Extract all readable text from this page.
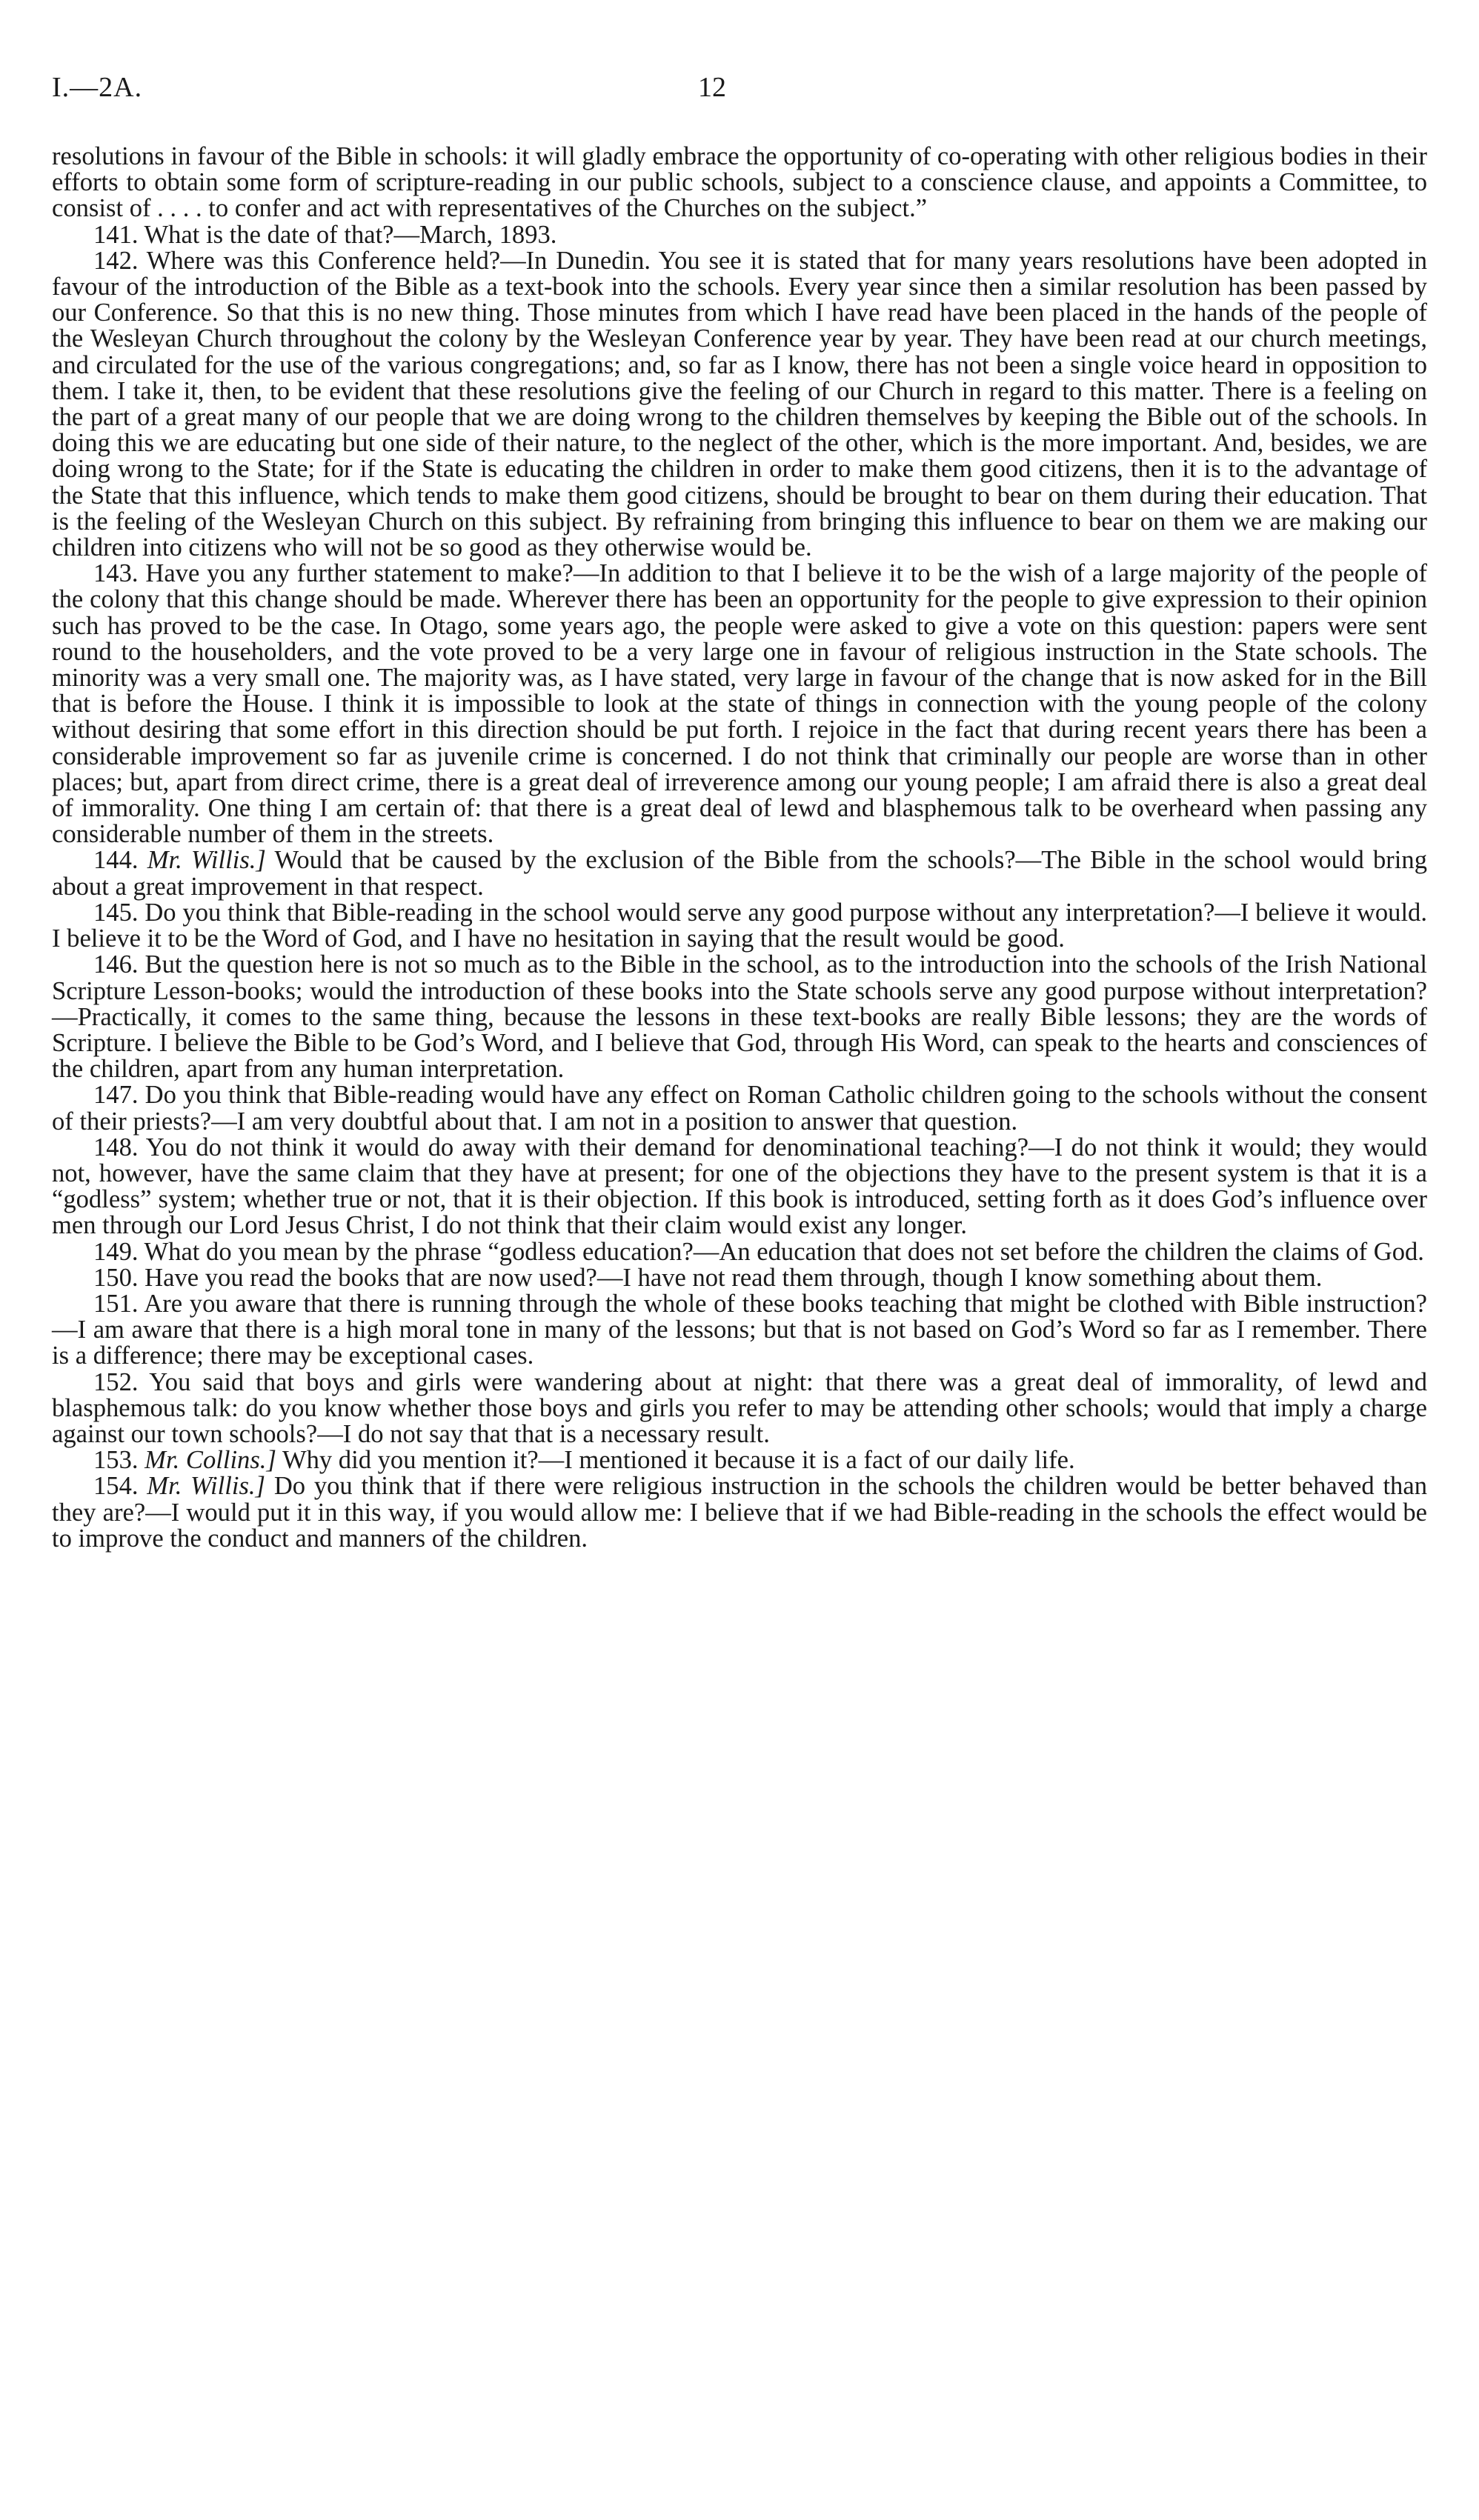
I.—2A.	12

resolutions in favour of the Bible in schools: it will gladly embrace the opportunity of co-operating with other religious bodies in their efforts to obtain some form of scripture-reading in our public schools, subject to a conscience clause, and appoints a Committee, to consist of . . . . to confer and act with representatives of the Churches on the subject.”

141. What is the date of that?—March, 1893.

142. Where was this Conference held?—In Dunedin. You see it is stated that for many years resolutions have been adopted in favour of the introduction of the Bible as a text-book into the schools. Every year since then a similar resolution has been passed by our Conference. So that this is no new thing. Those minutes from which I have read have been placed in the hands of the people of the Wesleyan Church throughout the colony by the Wesleyan Conference year by year. They have been read at our church meetings, and circulated for the use of the various congregations; and, so far as I know, there has not been a single voice heard in opposition to them. I take it, then, to be evident that these resolutions give the feeling of our Church in regard to this matter. There is a feeling on the part of a great many of our people that we are doing wrong to the children themselves by keeping the Bible out of the schools. In doing this we are educating but one side of their nature, to the neglect of the other, which is the more important. And, besides, we are doing wrong to the State; for if the State is educating the children in order to make them good citizens, then it is to the advantage of the State that this influence, which tends to make them good citizens, should be brought to bear on them during their education. That is the feeling of the Wesleyan Church on this subject. By refraining from bringing this influence to bear on them we are making our children into citizens who will not be so good as they otherwise would be.

143. Have you any further statement to make?—In addition to that I believe it to be the wish of a large majority of the people of the colony that this change should be made. Wherever there has been an opportunity for the people to give expression to their opinion such has proved to be the case. In Otago, some years ago, the people were asked to give a vote on this question: papers were sent round to the householders, and the vote proved to be a very large one in favour of religious instruction in the State schools. The minority was a very small one. The majority was, as I have stated, very large in favour of the change that is now asked for in the Bill that is before the House. I think it is impossible to look at the state of things in connection with the young people of the colony without desiring that some effort in this direction should be put forth. I rejoice in the fact that during recent years there has been a considerable improvement so far as juvenile crime is concerned. I do not think that criminally our people are worse than in other places; but, apart from direct crime, there is a great deal of irreverence among our young people; I am afraid there is also a great deal of immorality. One thing I am certain of: that there is a great deal of lewd and blasphemous talk to be overheard when passing any considerable number of them in the streets.

144. Mr. Willis.] Would that be caused by the exclusion of the Bible from the schools?—The Bible in the school would bring about a great improvement in that respect.

145. Do you think that Bible-reading in the school would serve any good purpose without any interpretation?—I believe it would. I believe it to be the Word of God, and I have no hesitation in saying that the result would be good.

146. But the question here is not so much as to the Bible in the school, as to the introduction into the schools of the Irish National Scripture Lesson-books; would the introduction of these books into the State schools serve any good purpose without interpretation?—Practically, it comes to the same thing, because the lessons in these text-books are really Bible lessons; they are the words of Scripture. I believe the Bible to be God’s Word, and I believe that God, through His Word, can speak to the hearts and consciences of the children, apart from any human interpretation.

147. Do you think that Bible-reading would have any effect on Roman Catholic children going to the schools without the consent of their priests?—I am very doubtful about that. I am not in a position to answer that question.

148. You do not think it would do away with their demand for denominational teaching?—I do not think it would; they would not, however, have the same claim that they have at present; for one of the objections they have to the present system is that it is a “godless” system; whether true or not, that it is their objection. If this book is introduced, setting forth as it does God’s influence over men through our Lord Jesus Christ, I do not think that their claim would exist any longer.

149. What do you mean by the phrase “godless education?—An education that does not set before the children the claims of God.

150. Have you read the books that are now used?—I have not read them through, though I know something about them.

151. Are you aware that there is running through the whole of these books teaching that might be clothed with Bible instruction?—I am aware that there is a high moral tone in many of the lessons; but that is not based on God’s Word so far as I remember. There is a difference; there may be exceptional cases.

152. You said that boys and girls were wandering about at night: that there was a great deal of immorality, of lewd and blasphemous talk: do you know whether those boys and girls you refer to may be attending other schools; would that imply a charge against our town schools?—I do not say that that is a necessary result.

153. Mr. Collins.] Why did you mention it?—I mentioned it because it is a fact of our daily life.

154. Mr. Willis.] Do you think that if there were religious instruction in the schools the children would be better behaved than they are?—I would put it in this way, if you would allow me: I believe that if we had Bible-reading in the schools the effect would be to improve the conduct and manners of the children.
